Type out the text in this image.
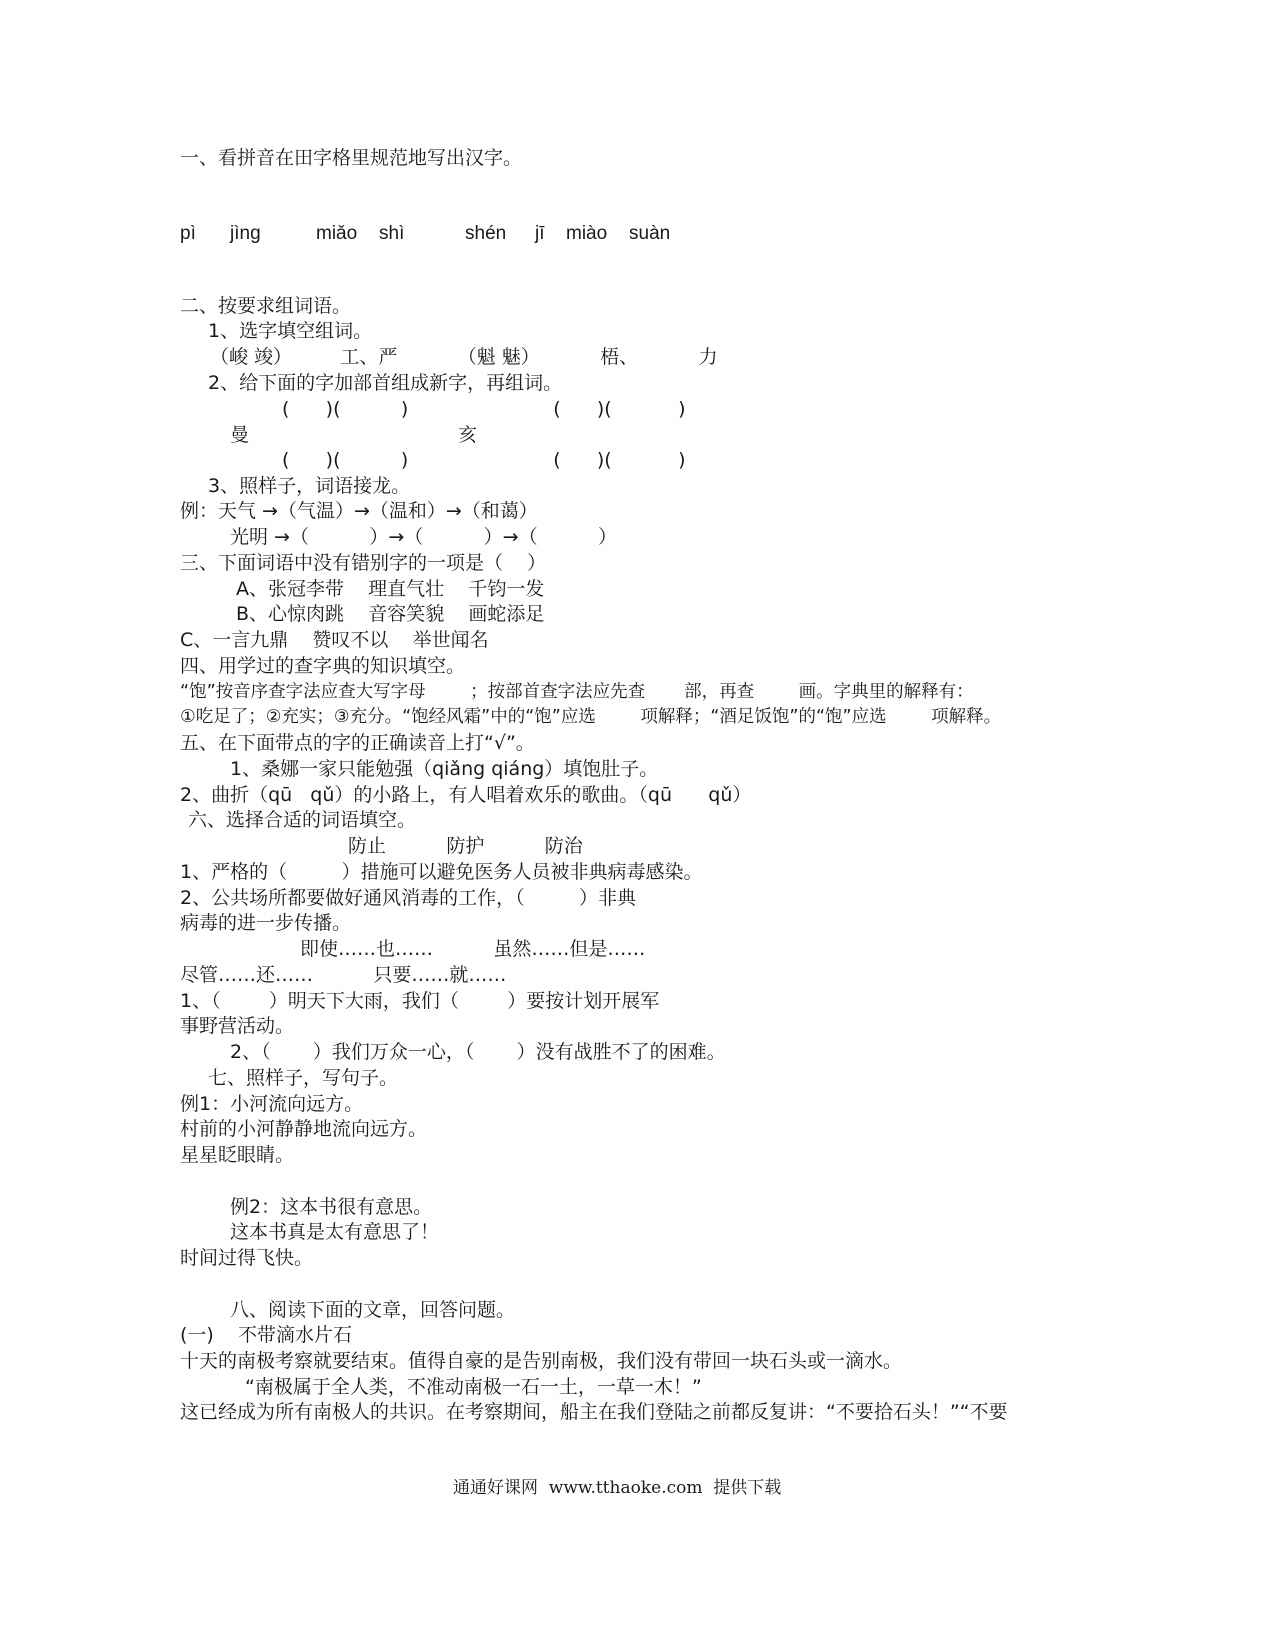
一、看拼音在田字格里规范地写出汉字。
pì jìng	miǎo shì	shén jī miào suàn
二、按要求组词语。
1、选字填空组词。
（峻 竣）        工、严          （魁 魅）          梧、          力
2、给下面的字加部首组成新字，再组词。
(      )(          )                        (      )(           )
曼	亥
(      )(          )                        (      )(           )
3、照样子，词语接龙。
例：天气 →（气温）→（温和）→（和蔼）
光明 →（          ）→（          ）→（          ）
三、下面词语中没有错别字的一项是（    ）
A、张冠李带    理直气壮    千钧一发
B、心惊肉跳    音容笑貌    画蛇添足
C、一言九鼎    赞叹不以    举世闻名
四、用学过的查字典的知识填空。
“饱”按音序查字法应查大写字母        ；按部首查字法应先查       部，再查        画。字典里的解释有：
①吃足了；②充实；③充分。“饱经风霜”中的“饱”应选        项解释；“酒足饭饱”的“饱”应选        项解释。
五、在下面带点的字的正确读音上打“√”。
1、桑娜一家只能勉强（qiǎng qiáng）填饱肚子。
2、曲折（qū   qǔ）的小路上，有人唱着欢乐的歌曲。（qū      qǔ）
六、选择合适的词语填空。
防止          防护          防治
1、严格的（         ）措施可以避免医务人员被非典病毒感染。
2、公共场所都要做好通风消毒的工作，（         ）非典
病毒的进一步传播。
即使……也……          虽然……但是……
尽管……还……          只要……就……
1、（        ）明天下大雨，我们（        ）要按计划开展军
事野营活动。
2、（       ）我们万众一心，（       ）没有战胜不了的困难。
七、照样子，写句子。
例1：小河流向远方。
村前的小河静静地流向远方。
星星眨眼睛。
例2：这本书很有意思。
这本书真是太有意思了！
时间过得飞快。
八、阅读下面的文章，回答问题。
(一)    不带滴水片石
十天的南极考察就要结束。值得自豪的是告别南极，我们没有带回一块石头或一滴水。
“南极属于全人类，不准动南极一石一土，一草一木！”
这已经成为所有南极人的共识。在考察期间，船主在我们登陆之前都反复讲：“不要拾石头！”“不要
通通好课网  www.tthaoke.com  提供下载
